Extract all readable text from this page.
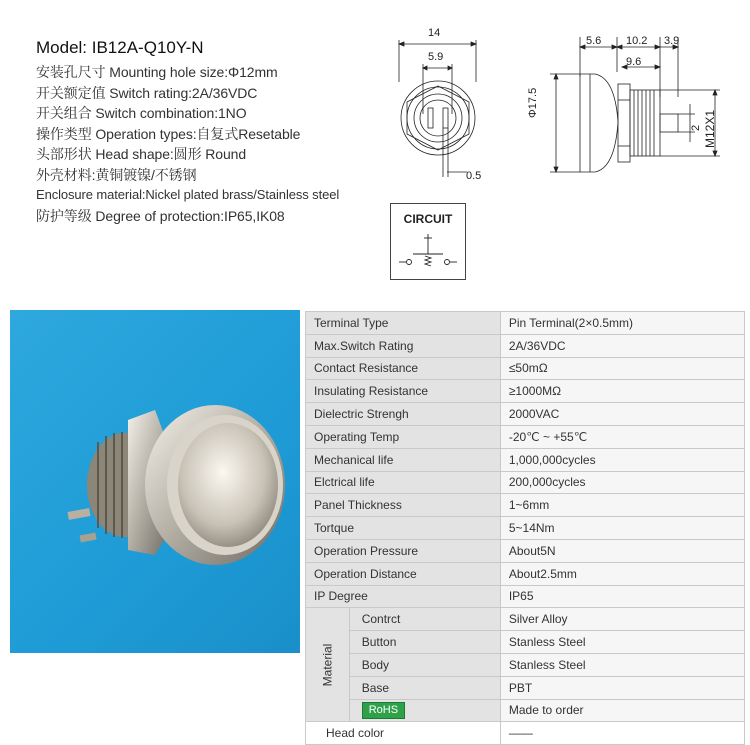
Model: IB12A-Q10Y-N
安装孔尺寸 Mounting hole size:Φ12mm
开关额定值 Switch rating:2A/36VDC
开关组合 Switch combination:1NO
操作类型 Operation types:自复式Resetable
头部形状 Head shape:圆形 Round
外壳材料:黄铜镀镍/不锈钢
Enclosure material:Nickel plated brass/Stainless steel
防护等级 Degree of protection:IP65,IK08
14
5.9
0.5
5.6 10.2 3.9
9.6
Φ17.5
2 M12X1
CIRCUIT
Terminal Type		Pin Terminal(2×0.5mm)
Max.Switch Rating		2A/36VDC
Contact Resistance		≤50mΩ
Insulating Resistance		≥1000MΩ
Dielectric Strengh		2000VAC
Operating Temp		-20℃ ~ +55℃
Mechanical life		1,000,000cycles
Elctrical life		200,000cycles
Panel Thickness		1~6mm
Tortque		5~14Nm
Operation Pressure		About5N
Operation Distance		About2.5mm
IP Degree		IP65
Material	Contrct	Silver Alloy
	Button	Stanless Steel
	Body	Stanless Steel
	Base	PBT
	RoHS	Made to order
Head color		——
